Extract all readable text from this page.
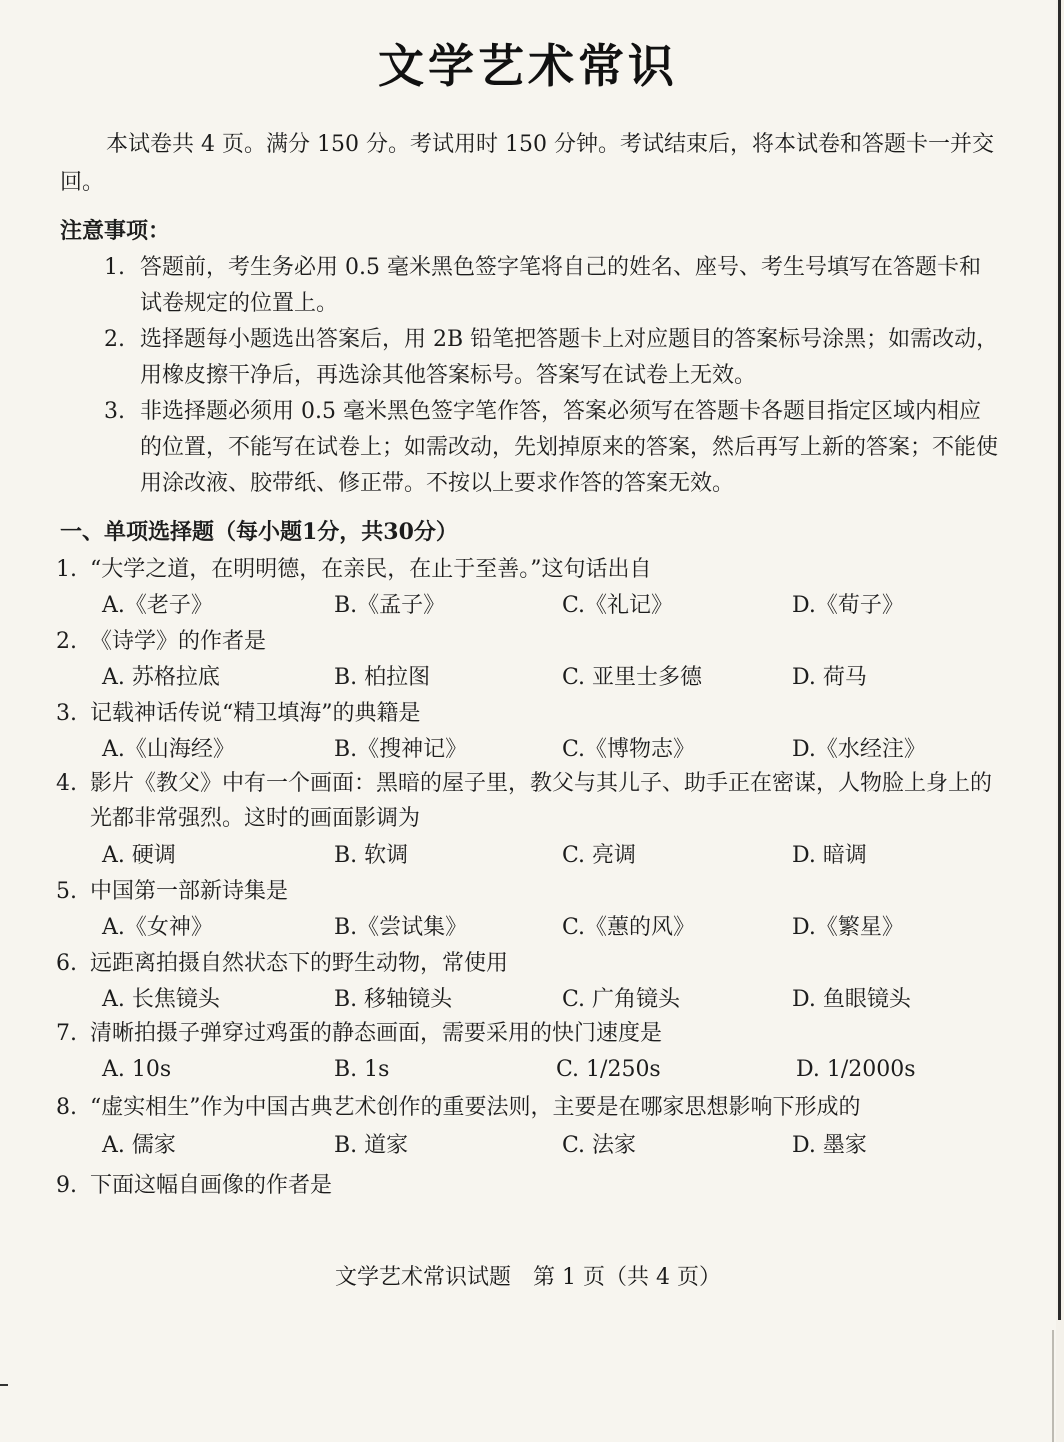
文学艺术常识
本试卷共 4 页。满分 150 分。考试用时 150 分钟。考试结束后，将本试卷和答题卡一并交回。
注意事项：
1. 答题前，考生务必用 0.5 毫米黑色签字笔将自己的姓名、座号、考生号填写在答题卡和试卷规定的位置上。
2. 选择题每小题选出答案后，用 2B 铅笔把答题卡上对应题目的答案标号涂黑；如需改动，用橡皮擦干净后，再选涂其他答案标号。答案写在试卷上无效。
3. 非选择题必须用 0.5 毫米黑色签字笔作答，答案必须写在答题卡各题目指定区域内相应的位置，不能写在试卷上；如需改动，先划掉原来的答案，然后再写上新的答案；不能使用涂改液、胶带纸、修正带。不按以上要求作答的答案无效。
一、单项选择题（每小题1分，共30分）
1. “大学之道，在明明德，在亲民，在止于至善。”这句话出自
A.《老子》	B.《孟子》	C.《礼记》	D.《荀子》
2. 《诗学》的作者是
A. 苏格拉底	B. 柏拉图	C. 亚里士多德	D. 荷马
3. 记载神话传说“精卫填海”的典籍是
A.《山海经》	B.《搜神记》	C.《博物志》	D.《水经注》
4. 影片《教父》中有一个画面：黑暗的屋子里，教父与其儿子、助手正在密谋，人物脸上身上的光都非常强烈。这时的画面影调为
A. 硬调	B. 软调	C. 亮调	D. 暗调
5. 中国第一部新诗集是
A.《女神》	B.《尝试集》	C.《蕙的风》	D.《繁星》
6. 远距离拍摄自然状态下的野生动物，常使用
A. 长焦镜头	B. 移轴镜头	C. 广角镜头	D. 鱼眼镜头
7. 清晰拍摄子弹穿过鸡蛋的静态画面，需要采用的快门速度是
A. 10s	B. 1s	C. 1/250s	D. 1/2000s
8. “虚实相生”作为中国古典艺术创作的重要法则，主要是在哪家思想影响下形成的
A. 儒家	B. 道家	C. 法家	D. 墨家
9. 下面这幅自画像的作者是
文学艺术常识试题　第 1 页（共 4 页）
